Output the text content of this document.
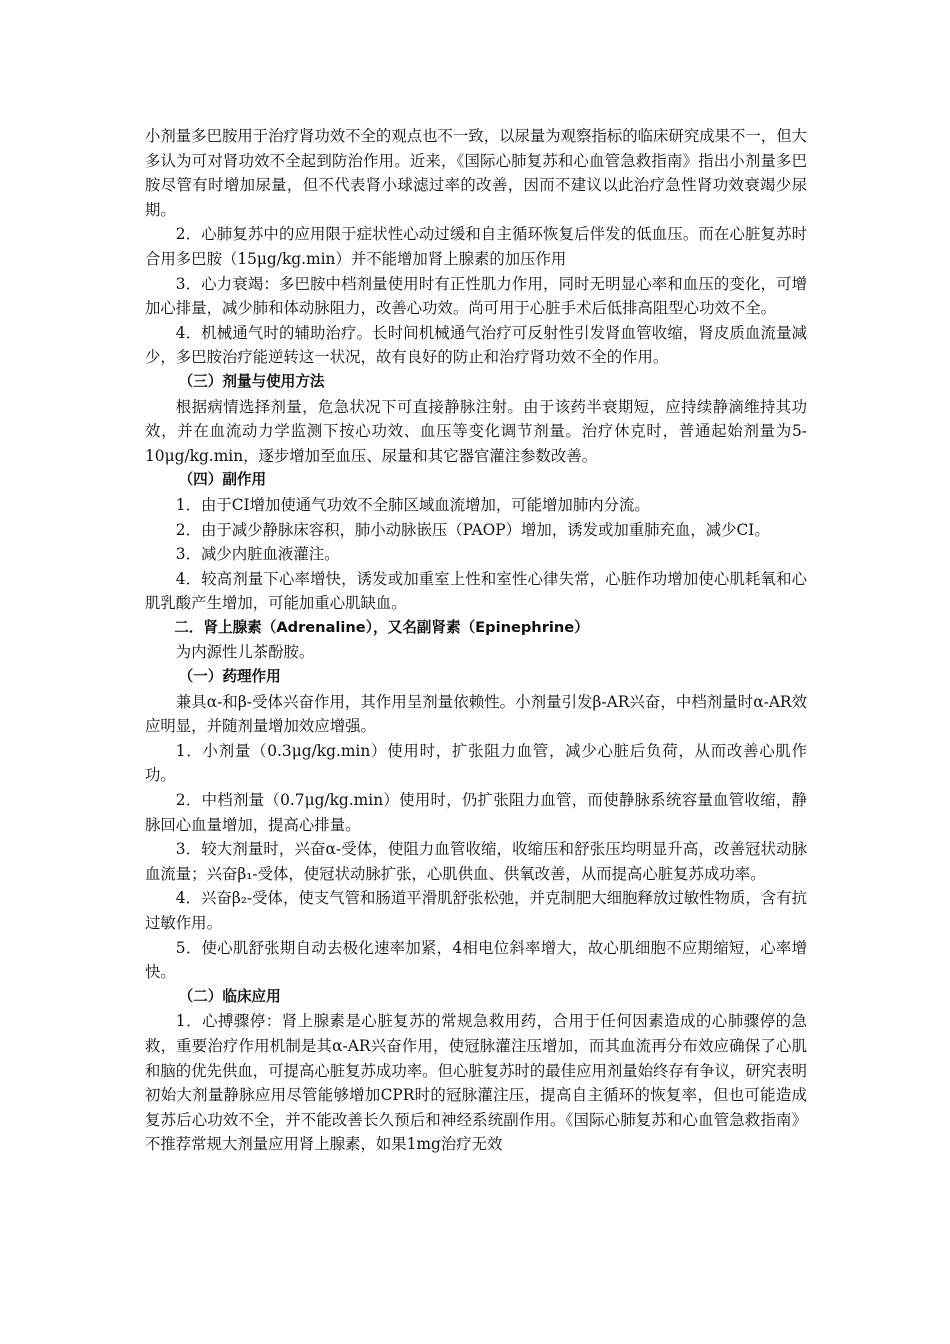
小剂量多巴胺用于治疗肾功效不全的观点也不一致，以尿量为观察指标的临床研究成果不一，但大多认为可对肾功效不全起到防治作用。近来，《国际心肺复苏和心血管急救指南》指出小剂量多巴胺尽管有时增加尿量，但不代表肾小球滤过率的改善，因而不建议以此治疗急性肾功效衰竭少尿期。

2．心肺复苏中的应用限于症状性心动过缓和自主循环恢复后伴发的低血压。而在心脏复苏时合用多巴胺（15μg/kg.min）并不能增加肾上腺素的加压作用

3．心力衰竭：多巴胺中档剂量使用时有正性肌力作用，同时无明显心率和血压的变化，可增加心排量，减少肺和体动脉阻力，改善心功效。尚可用于心脏手术后低排高阻型心功效不全。

4．机械通气时的辅助治疗。长时间机械通气治疗可反射性引发肾血管收缩，肾皮质血流量减少，多巴胺治疗能逆转这一状况，故有良好的防止和治疗肾功效不全的作用。

（三）剂量与使用方法

根据病情选择剂量，危急状况下可直接静脉注射。由于该药半衰期短，应持续静滴维持其功效，并在血流动力学监测下按心功效、血压等变化调节剂量。治疗休克时，普通起始剂量为5-10μg/kg.min，逐步增加至血压、尿量和其它器官灌注参数改善。

（四）副作用

1．由于CI增加使通气功效不全肺区域血流增加，可能增加肺内分流。

2．由于减少静脉床容积，肺小动脉嵌压（PAOP）增加，诱发或加重肺充血，减少CI。

3．减少内脏血液灌注。

4．较高剂量下心率增快，诱发或加重室上性和室性心律失常，心脏作功增加使心肌耗氧和心肌乳酸产生增加，可能加重心肌缺血。

二．肾上腺素（Adrenaline），又名副肾素（Epinephrine）

为内源性儿茶酚胺。

（一）药理作用

兼具α-和β-受体兴奋作用，其作用呈剂量依赖性。小剂量引发β-AR兴奋，中档剂量时α-AR效应明显，并随剂量增加效应增强。

1．小剂量（0.3μg/kg.min）使用时，扩张阻力血管，减少心脏后负荷，从而改善心肌作功。

2．中档剂量（0.7μg/kg.min）使用时，仍扩张阻力血管，而使静脉系统容量血管收缩，静脉回心血量增加，提高心排量。

3．较大剂量时，兴奋α-受体，使阻力血管收缩，收缩压和舒张压均明显升高，改善冠状动脉血流量；兴奋β₁-受体，使冠状动脉扩张，心肌供血、供氧改善，从而提高心脏复苏成功率。

4．兴奋β₂-受体，使支气管和肠道平滑肌舒张松弛，并克制肥大细胞释放过敏性物质，含有抗过敏作用。

5．使心肌舒张期自动去极化速率加紧，4相电位斜率增大，故心肌细胞不应期缩短，心率增快。

（二）临床应用

1．心搏骤停：肾上腺素是心脏复苏的常规急救用药，合用于任何因素造成的心肺骤停的急救，重要治疗作用机制是其α-AR兴奋作用，使冠脉灌注压增加，而其血流再分布效应确保了心肌和脑的优先供血，可提高心脏复苏成功率。但心脏复苏时的最佳应用剂量始终存有争议，研究表明初始大剂量静脉应用尽管能够增加CPR时的冠脉灌注压，提高自主循环的恢复率，但也可能造成复苏后心功效不全，并不能改善长久预后和神经系统副作用。《国际心肺复苏和心血管急救指南》不推荐常规大剂量应用肾上腺素，如果1mg治疗无效
